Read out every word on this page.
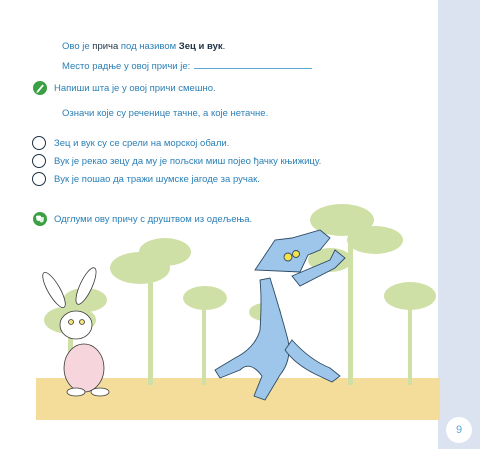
9
Ово је прича под називом Зец и вук.
Место радње у овој причи је:
Напиши шта је у овој причи смешно.
Означи које су реченице тачне, а које нетачне.
Зец и вук су се срели на морској обали.
Вук је рекао зецу да му је пољски миш појео ђачку књижицу.
Вук је пошао да тражи шумске јагоде за ручак.
Одглуми ову причу с друштвом из одељења.
